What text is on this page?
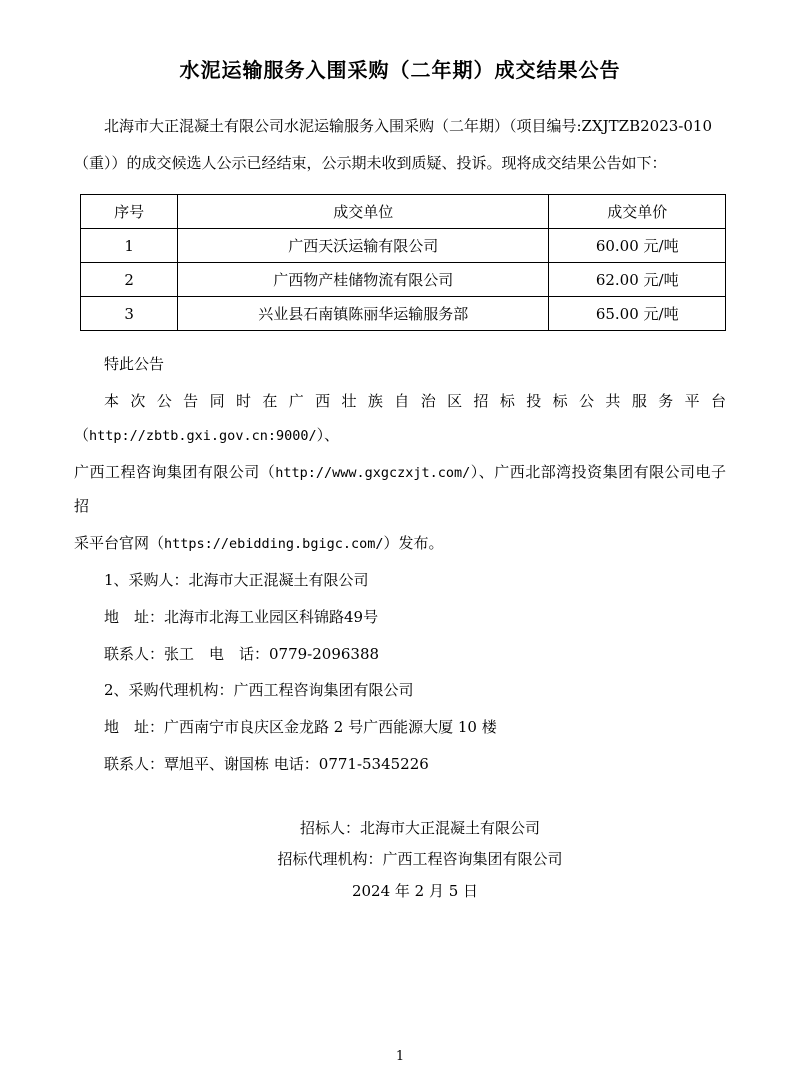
水泥运输服务入围采购（二年期）成交结果公告

北海市大正混凝土有限公司水泥运输服务入围采购（二年期）（项目编号:ZXJTZB2023-010

（重））的成交候选人公示已经结束，公示期未收到质疑、投诉。现将成交结果公告如下：

序号	成交单位	成交单价
1	广西天沃运输有限公司	60.00 元/吨
2	广西物产桂储物流有限公司	62.00 元/吨
3	兴业县石南镇陈丽华运输服务部	65.00 元/吨

特此公告

本次公告同时在广西壮族自治区招标投标公共服务平台（http://zbtb.gxi.gov.cn:9000/）、

广西工程咨询集团有限公司（http://www.gxgczxjt.com/）、广西北部湾投资集团有限公司电子招

采平台官网（https://ebidding.bgigc.com/）发布。

1、采购人：北海市大正混凝土有限公司
地　址：北海市北海工业园区科锦路49号
联系人：张工　电　话：0779-2096388
2、采购代理机构：广西工程咨询集团有限公司
地　址：广西南宁市良庆区金龙路 2 号广西能源大厦 10 楼
联系人：覃旭平、谢国栋 电话：0771-5345226
招标人：北海市大正混凝土有限公司
招标代理机构：广西工程咨询集团有限公司
2024 年 2 月 5 日
1
